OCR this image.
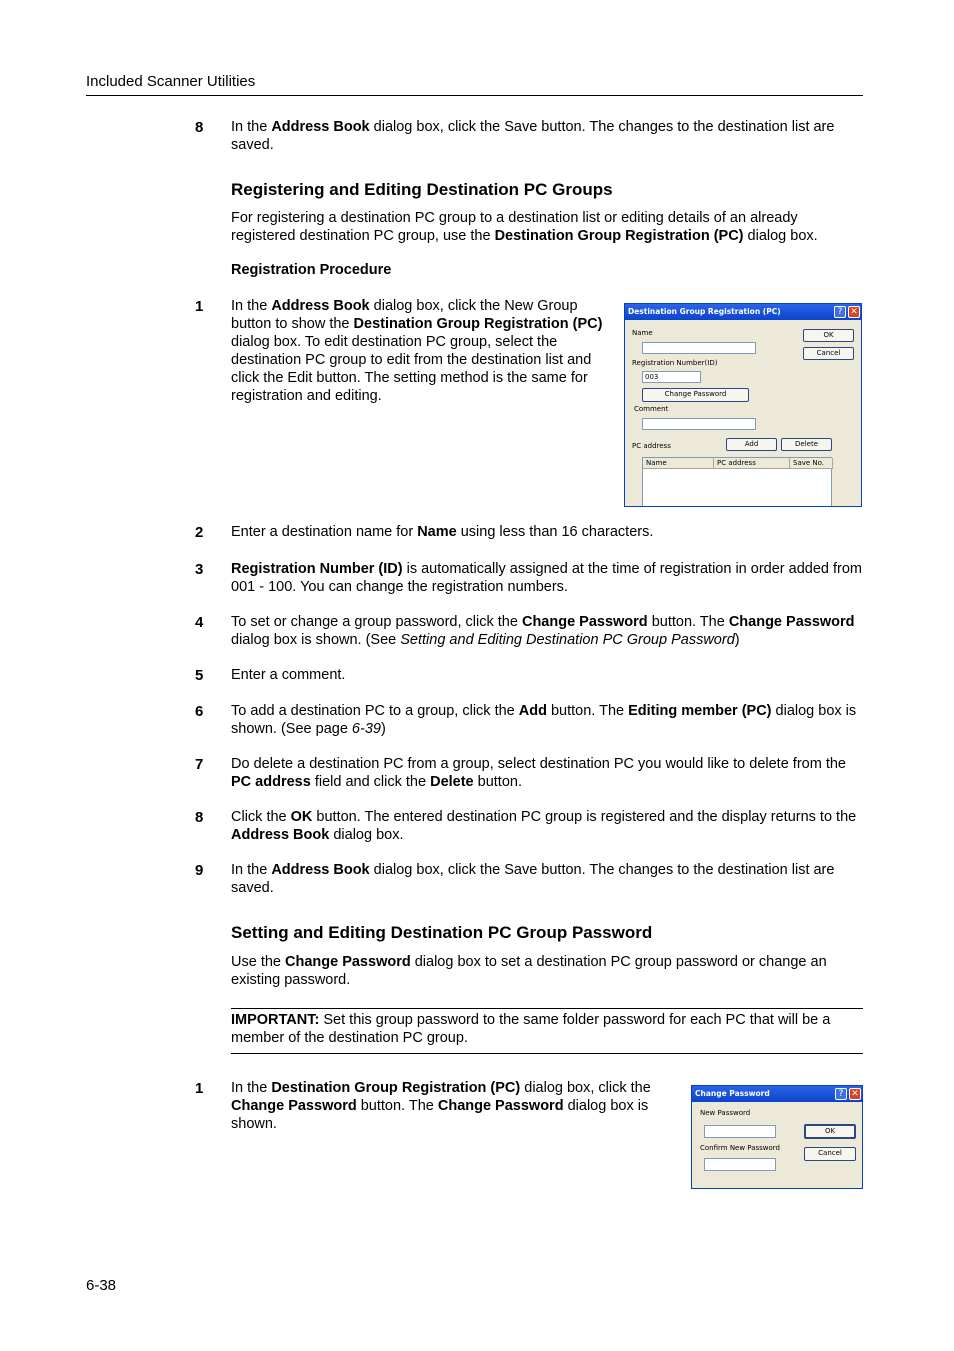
Included Scanner Utilities
8 In the Address Book dialog box, click the Save button. The changes to the destination list are saved.
Registering and Editing Destination PC Groups
For registering a destination PC group to a destination list or editing details of an already registered destination PC group, use the Destination Group Registration (PC) dialog box.
Registration Procedure
1 In the Address Book dialog box, click the New Group button to show the Destination Group Registration (PC) dialog box. To edit destination PC group, select the destination PC group to edit from the destination list and click the Edit button. The setting method is the same for registration and editing.
Destination Group Registration (PC)	? ✕
Name	OK
Cancel
Registration Number(ID)
003
Change Password
Comment
PC address	Add	Delete
Name	PC address	Save No.
2 Enter a destination name for Name using less than 16 characters.
3 Registration Number (ID) is automatically assigned at the time of registration in order added from 001 - 100. You can change the registration numbers.
4 To set or change a group password, click the Change Password button. The Change Password dialog box is shown. (See Setting and Editing Destination PC Group Password)
5 Enter a comment.
6 To add a destination PC to a group, click the Add button. The Editing member (PC) dialog box is shown. (See page 6-39)
7 Do delete a destination PC from a group, select destination PC you would like to delete from the PC address field and click the Delete button.
8 Click the OK button. The entered destination PC group is registered and the display returns to the Address Book dialog box.
9 In the Address Book dialog box, click the Save button. The changes to the destination list are saved.
Setting and Editing Destination PC Group Password
Use the Change Password dialog box to set a destination PC group password or change an existing password.
IMPORTANT: Set this group password to the same folder password for each PC that will be a member of the destination PC group.
1 In the Destination Group Registration (PC) dialog box, click the Change Password button. The Change Password dialog box is shown.
Change Password	? ✕
New Password
OK
Confirm New Password
Cancel
6-38
